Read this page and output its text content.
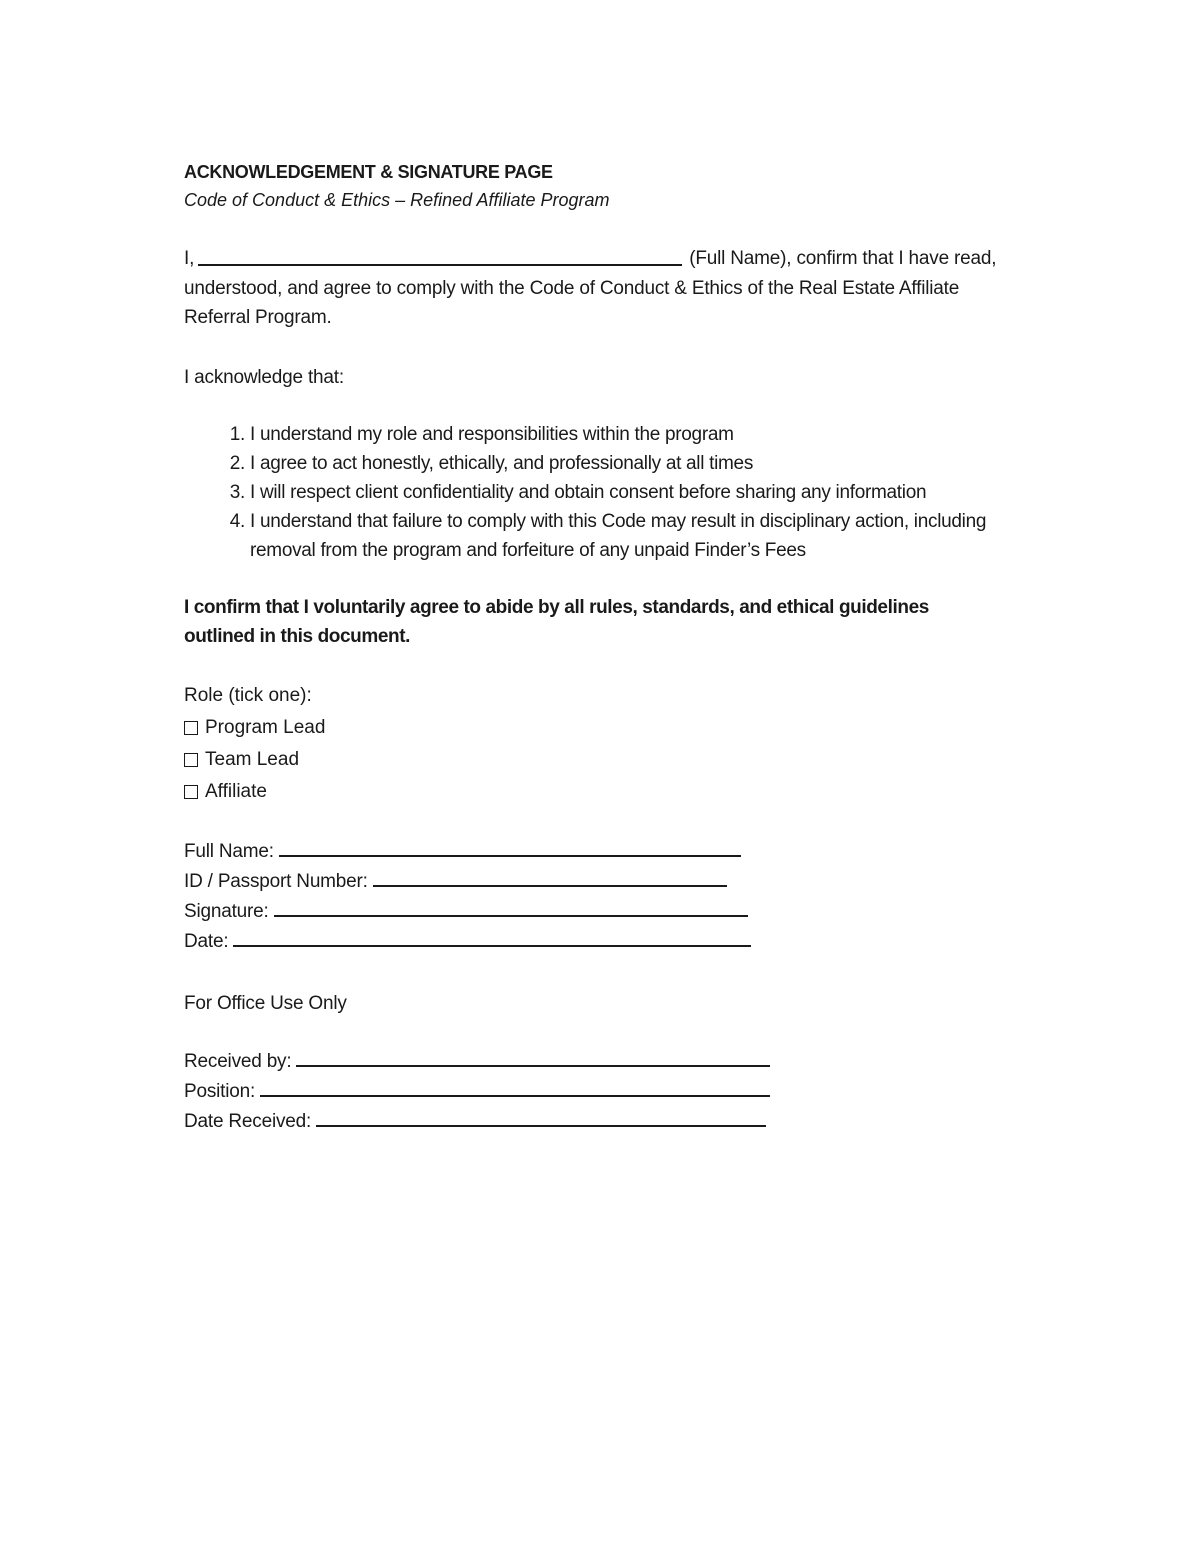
ACKNOWLEDGEMENT & SIGNATURE PAGE

Code of Conduct & Ethics – Refined Affiliate Program

I,	(Full Name), confirm that I have read, understood, and agree to comply with the Code of Conduct & Ethics of the Real Estate Affiliate Referral Program.

I acknowledge that:

1. I understand my role and responsibilities within the program
2. I agree to act honestly, ethically, and professionally at all times
3. I will respect client confidentiality and obtain consent before sharing any information
4. I understand that failure to comply with this Code may result in disciplinary action, including removal from the program and forfeiture of any unpaid Finder’s Fees

I confirm that I voluntarily agree to abide by all rules, standards, and ethical guidelines outlined in this document.

Role (tick one):
Program Lead
Team Lead
Affiliate
Full Name:
ID / Passport Number:
Signature:
Date:
For Office Use Only
Received by:
Position:
Date Received:
